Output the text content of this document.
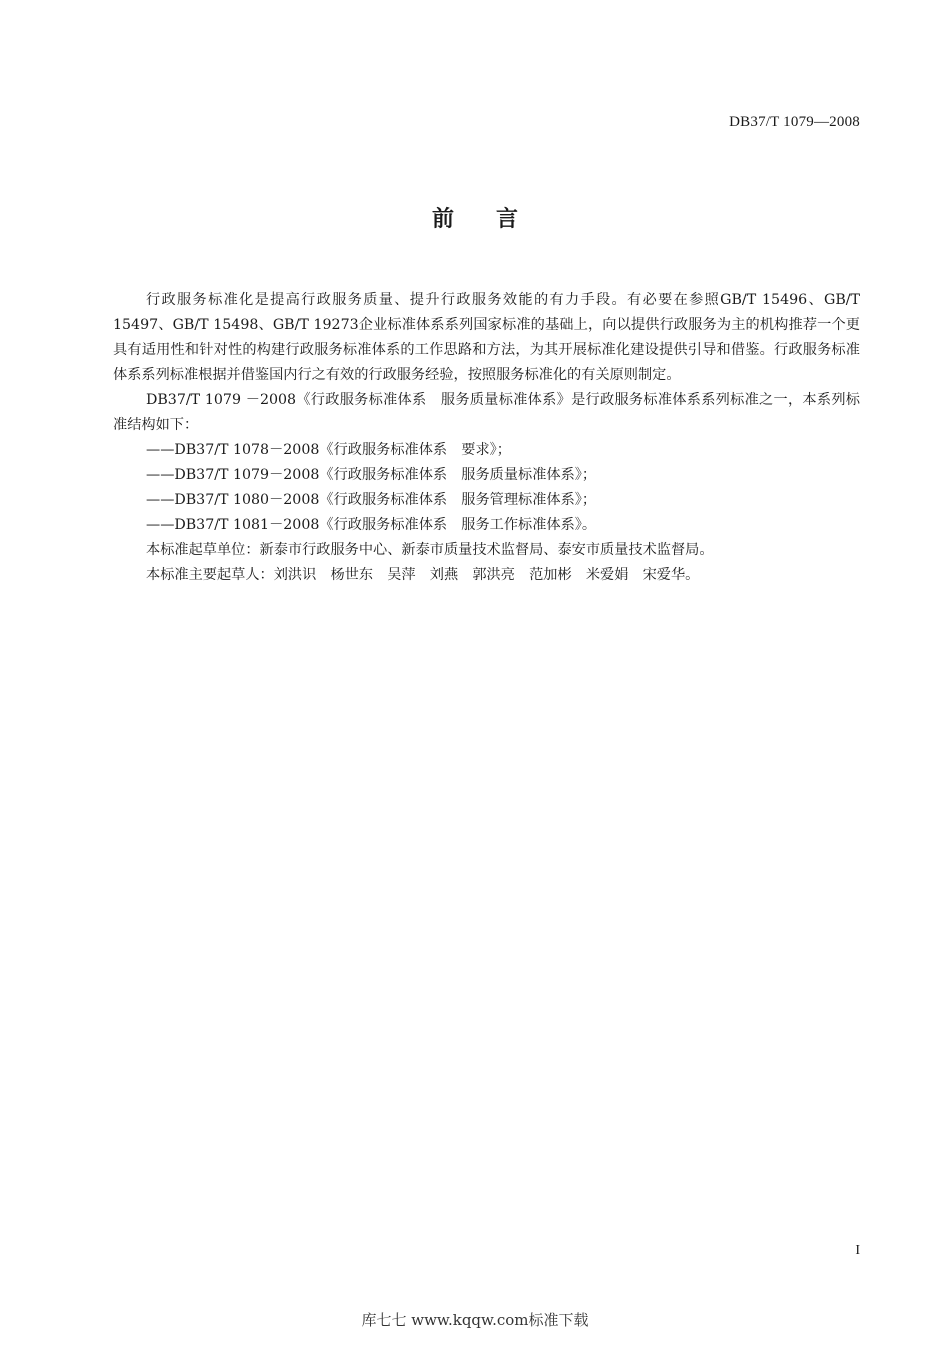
DB37/T 1079—2008
前言

行政服务标准化是提高行政服务质量、提升行政服务效能的有力手段。有必要在参照GB/T 15496、GB/T 15497、GB/T 15498、GB/T 19273企业标准体系系列国家标准的基础上，向以提供行政服务为主的机构推荐一个更具有适用性和针对性的构建行政服务标准体系的工作思路和方法，为其开展标准化建设提供引导和借鉴。行政服务标准体系系列标准根据并借鉴国内行之有效的行政服务经验，按照服务标准化的有关原则制定。

DB37/T 1079 －2008《行政服务标准体系　服务质量标准体系》是行政服务标准体系系列标准之一，本系列标准结构如下：

——DB37/T 1078－2008《行政服务标准体系　要求》；

——DB37/T 1079－2008《行政服务标准体系　服务质量标准体系》；

——DB37/T 1080－2008《行政服务标准体系　服务管理标准体系》；

——DB37/T 1081－2008《行政服务标准体系　服务工作标准体系》。

本标准起草单位：新泰市行政服务中心、新泰市质量技术监督局、泰安市质量技术监督局。

本标准主要起草人：刘洪识　杨世东　吴萍　刘燕　郭洪亮　范加彬　米爱娟　宋爱华。

I
库七七 www.kqqw.com标准下载
